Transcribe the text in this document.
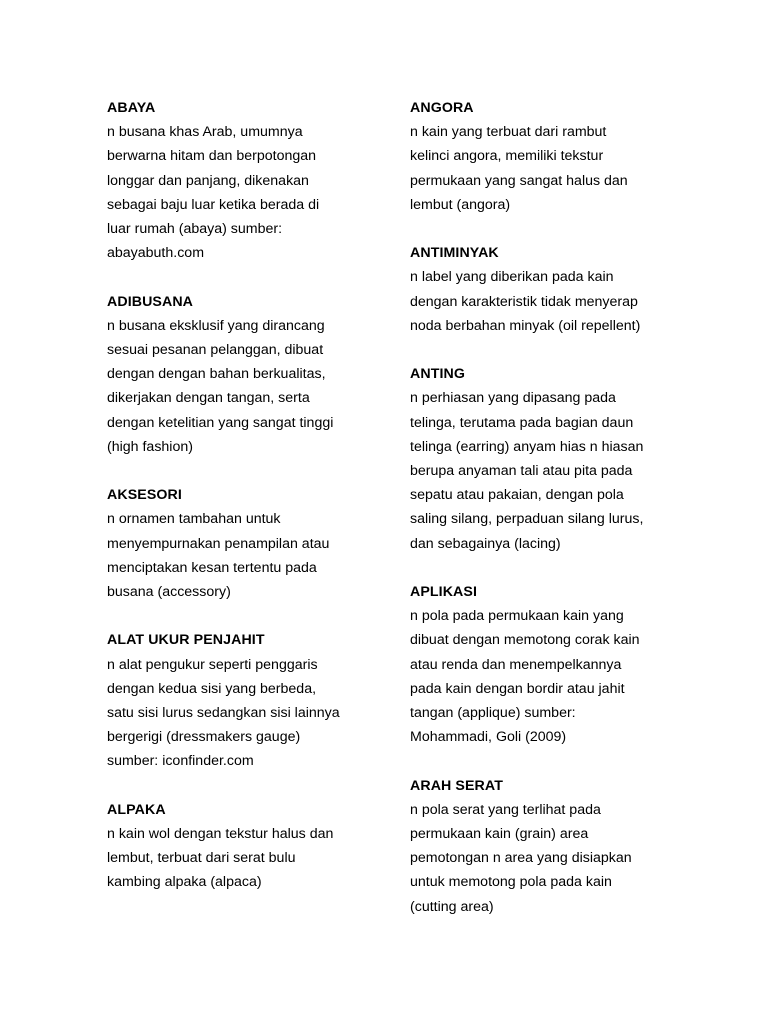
ABAYA
n busana khas Arab, umumnya
berwarna hitam dan berpotongan
longgar dan panjang, dikenakan
sebagai baju luar ketika berada di
luar rumah (abaya) sumber:
abayabuth.com
ADIBUSANA
n busana eksklusif yang dirancang
sesuai pesanan pelanggan, dibuat
dengan dengan bahan berkualitas,
dikerjakan dengan tangan, serta
dengan ketelitian yang sangat tinggi
(high fashion)
AKSESORI
n ornamen tambahan untuk
menyempurnakan penampilan atau
menciptakan kesan tertentu pada
busana (accessory)
ALAT UKUR PENJAHIT
n alat pengukur seperti penggaris
dengan kedua sisi yang berbeda,
satu sisi lurus sedangkan sisi lainnya
bergerigi (dressmakers gauge)
sumber: iconfinder.com
ALPAKA
n kain wol dengan tekstur halus dan
lembut, terbuat dari serat bulu
kambing alpaka (alpaca)
ANGORA
n kain yang terbuat dari rambut
kelinci angora, memiliki tekstur
permukaan yang sangat halus dan
lembut (angora)
ANTIMINYAK
n label yang diberikan pada kain
dengan karakteristik tidak menyerap
noda berbahan minyak (oil repellent)
ANTING
n perhiasan yang dipasang pada
telinga, terutama pada bagian daun
telinga (earring) anyam hias n hiasan
berupa anyaman tali atau pita pada
sepatu atau pakaian, dengan pola
saling silang, perpaduan silang lurus,
dan sebagainya (lacing)
APLIKASI
n pola pada permukaan kain yang
dibuat dengan memotong corak kain
atau renda dan menempelkannya
pada kain dengan bordir atau jahit
tangan (applique) sumber:
Mohammadi, Goli (2009)
ARAH SERAT
n pola serat yang terlihat pada
permukaan kain (grain) area
pemotongan n area yang disiapkan
untuk memotong pola pada kain
(cutting area)
